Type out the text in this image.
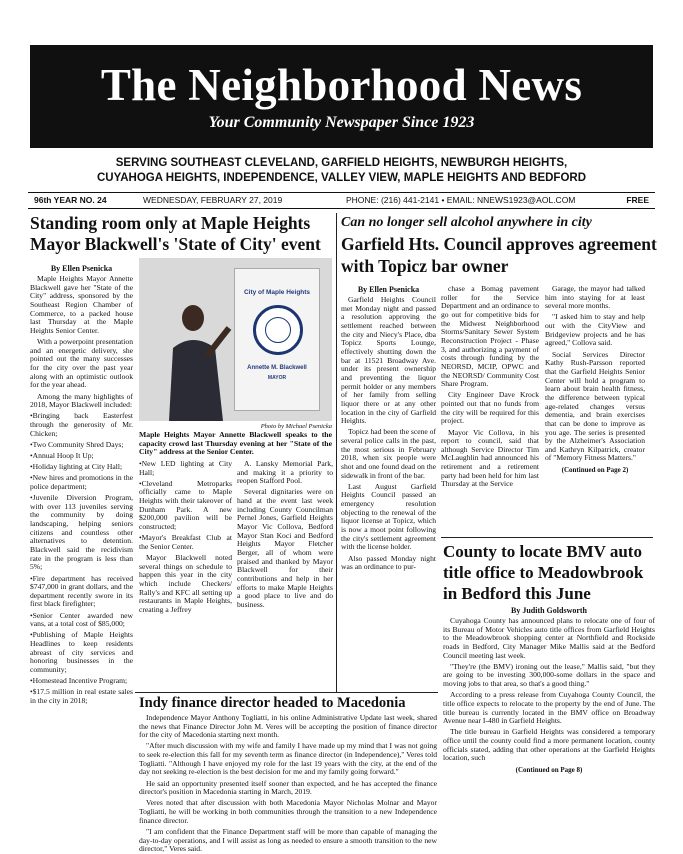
The Neighborhood News
Your Community Newspaper Since 1923
SERVING SOUTHEAST CLEVELAND, GARFIELD HEIGHTS, NEWBURGH HEIGHTS,
CUYAHOGA HEIGHTS, INDEPENDENCE, VALLEY VIEW, MAPLE HEIGHTS AND BEDFORD
96th YEAR NO. 24	WEDNESDAY, FEBRUARY 27, 2019	PHONE: (216) 441-2141 • EMAIL: NNEWS1923@AOL.COM	FREE
Standing room only at Maple Heights Mayor Blackwell's 'State of City' event
By Ellen Psenicka

Maple Heights Mayor Annette Blackwell gave her "State of the City" address, sponsored by the Southeast Region Chamber of Commerce, to a packed house last Thursday at the Maple Heights Senior Center.

With a powerpoint presentation and an energetic delivery, she pointed out the many successes for the city over the past year along with an optimistic outlook for the year ahead.

Among the many highlights of 2018, Mayor Blackwell included:

•Bringing back Easterfest through the generosity of Mr. Chicken;

•Two Community Shred Days;

•Annual Hoop It Up;

•Holiday lighting at City Hall;

•New hires and promotions in the police department;

•Juvenile Diversion Program, with over 113 juveniles serving the community by doing landscaping, helping seniors citizens and countless other alternatives to detention. Blackwell said the recidivism rate in the program is less than 5%;

•Fire department has received $747,000 in grant dollars, and the department recently swore in its first black firefighter;

•Senior Center awarded new vans, at a total cost of $85,000;

•Publishing of Maple Heights Headlines to keep residents abreast of city services and honoring businesses in the community;

•Homestead Incentive Program;

•$17.5 million in real estate sales in the city in 2018;

City of Maple Heights
Annette M. Blackwell
MAYOR
Photo by Michael Psenicka
Maple Heights Mayor Annette Blackwell speaks to the capacity crowd last Thursday evening at her "State of the City" address at the Senior Center.

•New LED lighting at City Hall;

•Cleveland Metroparks officially came to Maple Heights with their takeover of Dunham Park. A new $200,000 pavilion will be constructed;

•Mayor's Breakfast Club at the Senior Center.

Mayor Blackwell noted several things on schedule to happen this year in the city which include Checkers/ Rally's and KFC all setting up restaurants in Maple Heights, creating a Jeffrey

A. Lansky Memorial Park, and making it a priority to reopen Stafford Pool.

Several dignitaries were on hand at the event last week including County Councilman Pernel Jones, Garfield Heights Mayor Vic Collova, Bedford Mayor Stan Koci and Bedford Heights Mayor Fletcher Berger, all of whom were praised and thanked by Mayor Blackwell for their contributions and help in her efforts to make Maple Heights a good place to live and do business.

Can no longer sell alcohol anywhere in city
Garfield Hts. Council approves agreement with Topicz bar owner
By Ellen Psenicka

Garfield Heights Council met Monday night and passed a resolution approving the settlement reached between the city and Niecy's Place, dba Topicz Sports Lounge, effectively shutting down the bar at 11521 Broadway Ave. under its present ownership and preventing the liquor permit holder or any members of her family from selling liquor there or at any other location in the city of Garfield Heights.

Topicz had been the scene of several police calls in the past, the most serious in February 2018, when six people were shot and one found dead on the sidewalk in front of the bar.

Last August Garfield Heights Council passed an emergency resolution objecting to the renewal of the liquor license at Topicz, which is now a moot point following the city's settlement agreement with the license holder.

Also passed Monday night was an ordinance to pur-

chase a Bomag pavement roller for the Service Department and an ordinance to go out for competitive bids for the Midwest Neighborhood Storms/Sanitary Sewer System Reconstruction Project - Phase 3, and authorizing a payment of costs through funding by the NEORSD, MCIP, OPWC and the NEORSD/ Community Cost Share Program.

City Engineer Dave Krock pointed out that no funds from the city will be required for this project.

Mayor Vic Collova, in his report to council, said that although Service Director Tim McLaughlin had announced his retirement and a retirement party had been held for him last Thursday at the Service

Garage, the mayor had talked him into staying for at least several more months.

"I asked him to stay and help out with the CityView and Bridgeview projects and he has agreed," Collova said.

Social Services Director Kathy Rush-Parsson reported that the Garfield Heights Senior Center will hold a program to learn about brain health fitness, the difference between typical age-related changes versus dementia, and brain exercises that can be done to improve as you age. The series is presented by the Alzheimer's Association and Kathryn Kilpatrick, creator of "Memory Fitness Matters."

(Continued on Page 2)

Indy finance director headed to Macedonia

Independence Mayor Anthony Togliatti, in his online Administrative Update last week, shared the news that Finance Director John M. Veres will be accepting the position of finance director for the city of Macedonia starting next month.

"After much discussion with my wife and family I have made up my mind that I was not going to seek re-election this fall for my seventh term as finance director (in Independence)," Veres told Togliatti. "Although I have enjoyed my role for the last 19 years with the city, at the end of the day not seeking re-election is the best decision for me and my family going forward."

He said an opportunity presented itself sooner than expected, and he has accepted the finance director's position in Macedonia starting in March, 2019.

Veres noted that after discussion with both Macedonia Mayor Nicholas Molnar and Mayor Togliatti, he will be working in both communities through the transition to a new Independence finance director.

"I am confident that the Finance Department staff will be more than capable of managing the day-to-day operations, and I will assist as long as needed to ensure a smooth transition to the new director," Veres said.

County to locate BMV auto title office to Meadowbrook in Bedford this June
By Judith Goldsworth

Cuyahoga County has announced plans to relocate one of four of its Bureau of Motor Vehicles auto title offices from Garfield Heights to the Meadowbrook shopping center at Northfield and Rockside roads in Bedford, City Manager Mike Mallis said at the Bedford Council meeting last week.

"They're (the BMV) ironing out the lease," Mallis said, "but they are going to be investing 300,000-some dollars in the space and moving jobs to that area, so that's a good thing."

According to a press release from Cuyahoga County Council, the title office expects to relocate to the property by the end of June. The title bureau is currently located in the BMV office on Broadway Avenue near I-480 in Garfield Heights.

The title bureau in Garfield Heights was considered a temporary office until the county could find a more permanent location, county officials stated, adding that other operations at the Garfield Heights location, such

(Continued on Page 8)
